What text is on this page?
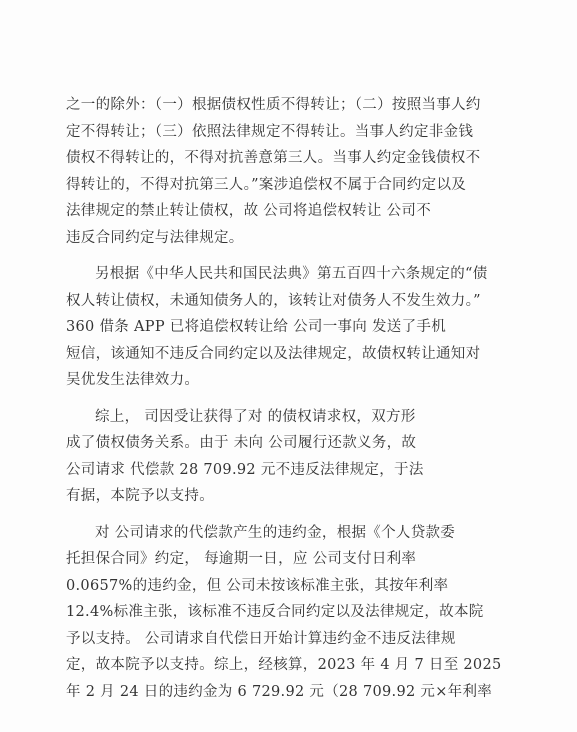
之一的除外：（一）根据债权性质不得转让；（二）按照当事人约
定不得转让；（三）依照法律规定不得转让。当事人约定非金钱
债权不得转让的，不得对抗善意第三人。当事人约定金钱债权不
得转让的，不得对抗第三人。”案涉追偿权不属于合同约定以及
法律规定的禁止转让债权，故 公司将追偿权转让 公司不
违反合同约定与法律规定。
另根据《中华人民共和国民法典》第五百四十六条规定的“债
权人转让债权，未通知债务人的，该转让对债务人不发生效力。”
360 借条 APP 已将追偿权转让给 公司一事向 发送了手机
短信，该通知不违反合同约定以及法律规定，故债权转让通知对
吴优发生法律效力。
综上， 司因受让获得了对 的债权请求权，双方形
成了债权债务关系。由于 未向 公司履行还款义务，故
公司请求 代偿款 28 709.92 元不违反法律规定，于法
有据，本院予以支持。
对 公司请求的代偿款产生的违约金，根据《个人贷款委
托担保合同》约定， 每逾期一日，应 公司支付日利率
0.0657%的违约金，但 公司未按该标准主张，其按年利率
12.4%标准主张，该标准不违反合同约定以及法律规定，故本院
予以支持。 公司请求自代偿日开始计算违约金不违反法律规
定，故本院予以支持。综上，经核算，2023 年 4 月 7 日至 2025
年 2 月 24 日的违约金为 6 729.92 元（28 709.92 元×年利率
